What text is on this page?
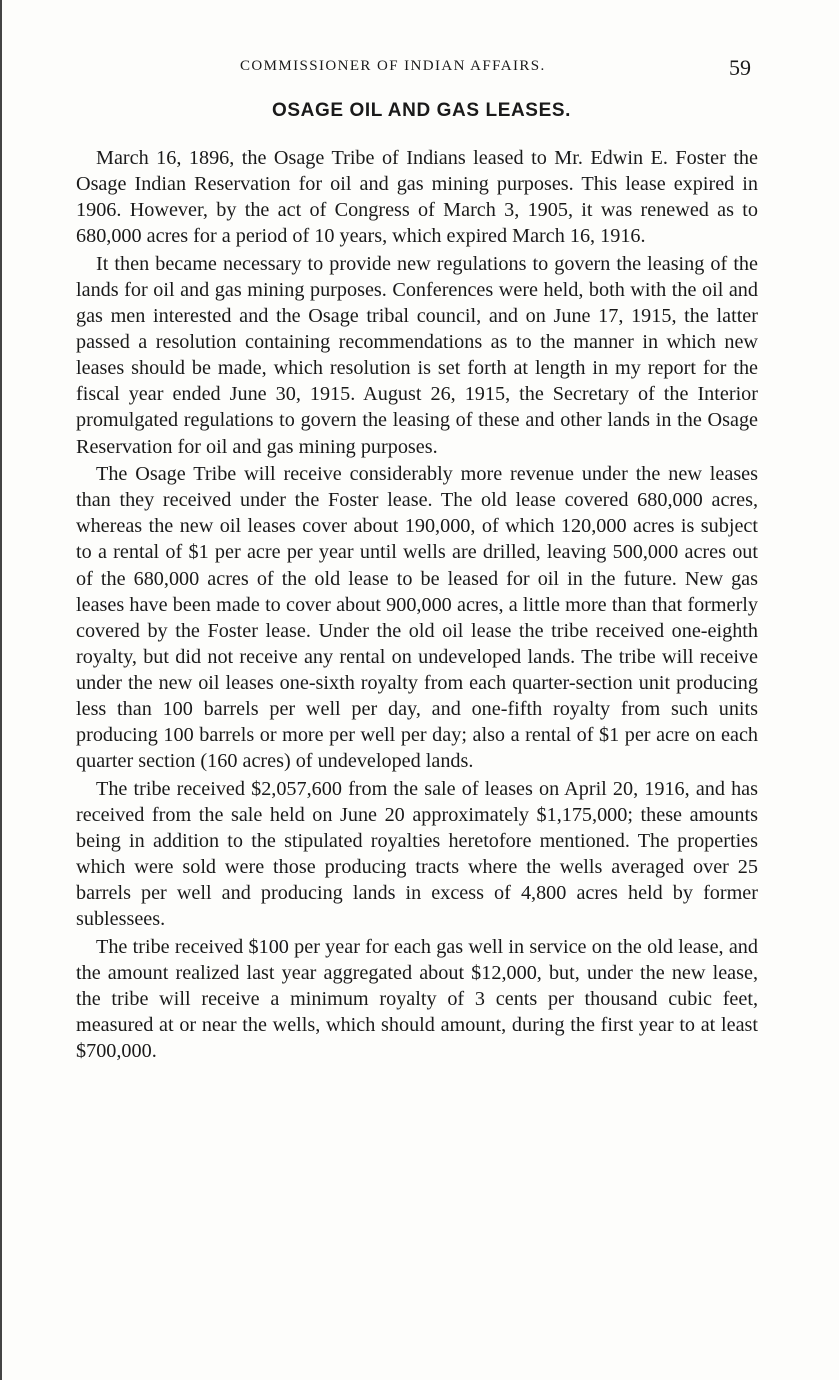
COMMISSIONER OF INDIAN AFFAIRS.	59
OSAGE OIL AND GAS LEASES.

March 16, 1896, the Osage Tribe of Indians leased to Mr. Edwin E. Foster the Osage Indian Reservation for oil and gas mining purposes. This lease expired in 1906. However, by the act of Congress of March 3, 1905, it was renewed as to 680,000 acres for a period of 10 years, which expired March 16, 1916.

It then became necessary to provide new regulations to govern the leasing of the lands for oil and gas mining purposes. Conferences were held, both with the oil and gas men interested and the Osage tribal council, and on June 17, 1915, the latter passed a resolution containing recommendations as to the manner in which new leases should be made, which resolution is set forth at length in my report for the fiscal year ended June 30, 1915. August 26, 1915, the Secretary of the Interior promulgated regulations to govern the leasing of these and other lands in the Osage Reservation for oil and gas mining purposes.

The Osage Tribe will receive considerably more revenue under the new leases than they received under the Foster lease. The old lease covered 680,000 acres, whereas the new oil leases cover about 190,000, of which 120,000 acres is subject to a rental of $1 per acre per year until wells are drilled, leaving 500,000 acres out of the 680,000 acres of the old lease to be leased for oil in the future. New gas leases have been made to cover about 900,000 acres, a little more than that formerly covered by the Foster lease. Under the old oil lease the tribe received one-eighth royalty, but did not receive any rental on undeveloped lands. The tribe will receive under the new oil leases one-sixth royalty from each quarter-section unit producing less than 100 barrels per well per day, and one-fifth royalty from such units producing 100 barrels or more per well per day; also a rental of $1 per acre on each quarter section (160 acres) of undeveloped lands.

The tribe received $2,057,600 from the sale of leases on April 20, 1916, and has received from the sale held on June 20 approximately $1,175,000; these amounts being in addition to the stipulated royalties heretofore mentioned. The properties which were sold were those producing tracts where the wells averaged over 25 barrels per well and producing lands in excess of 4,800 acres held by former sublessees.

The tribe received $100 per year for each gas well in service on the old lease, and the amount realized last year aggregated about $12,000, but, under the new lease, the tribe will receive a minimum royalty of 3 cents per thousand cubic feet, measured at or near the wells, which should amount, during the first year to at least $700,000.
